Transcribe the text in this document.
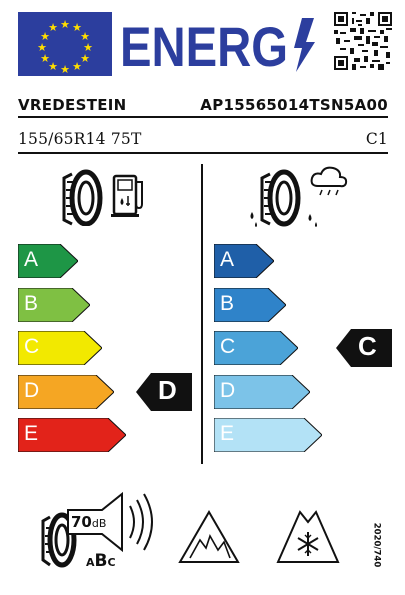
★ ★
★
★
★
★
★
★
★
★
★
★ ENERG
VREDESTEIN	AP15565014TSN5A00
155/65R14 75T	C1
A
B
C
D
E
A
B
C
D
E
D
C
70dB
ABC	2020/740
